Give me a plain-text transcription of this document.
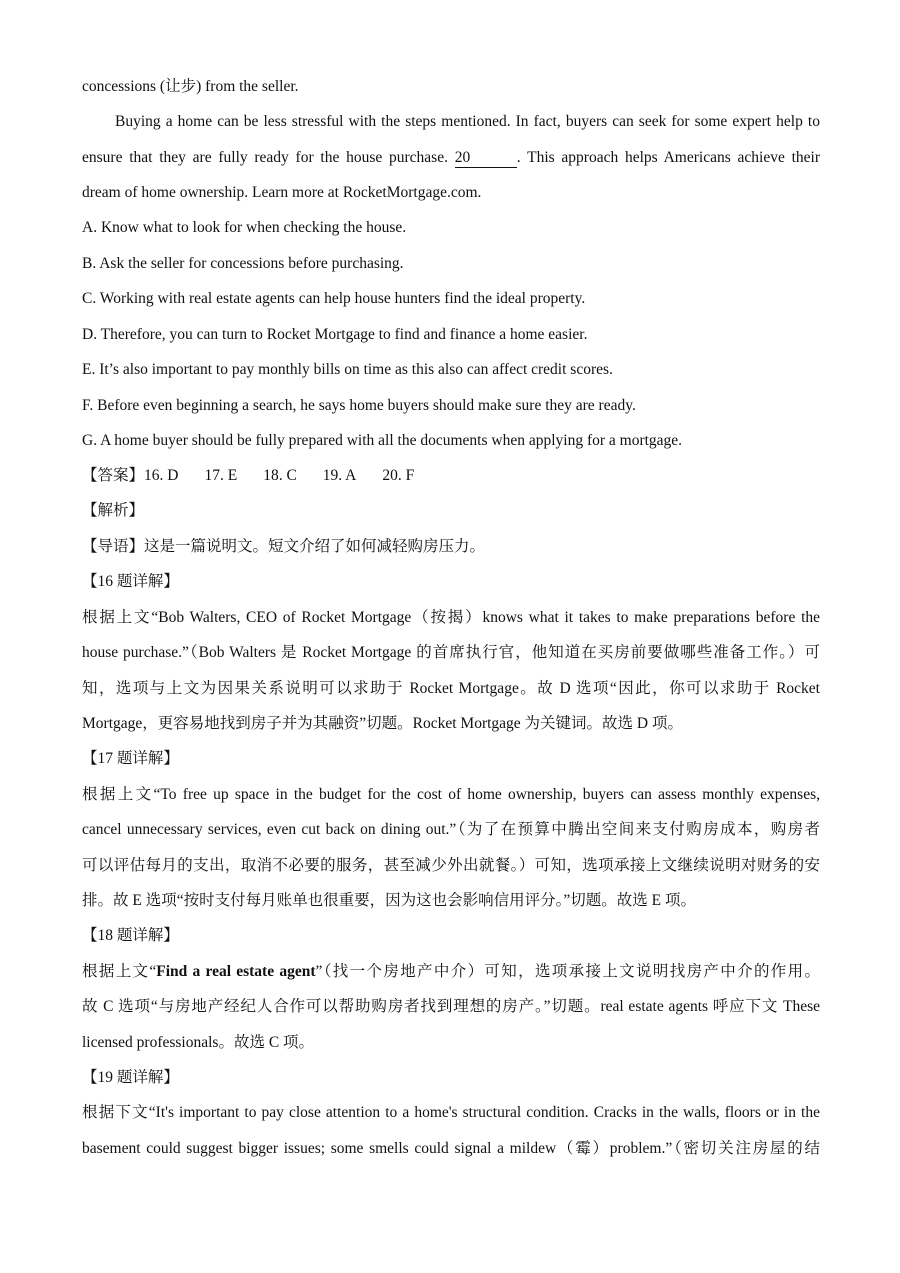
concessions (让步) from the seller.
Buying a home can be less stressful with the steps mentioned. In fact, buyers can seek for some expert help to
ensure that they are fully ready for the house purchase. 20	. This approach helps Americans achieve their
dream of home ownership. Learn more at RocketMortgage.com.
A. Know what to look for when checking the house.
B. Ask the seller for concessions before purchasing.
C. Working with real estate agents can help house hunters find the ideal property.
D. Therefore, you can turn to Rocket Mortgage to find and finance a home easier.
E. It’s also important to pay monthly bills on time as this also can affect credit scores.
F. Before even beginning a search, he says home buyers should make sure they are ready.
G. A home buyer should be fully prepared with all the documents when applying for a mortgage.
【答案】16. D 17. E 18. C 19. A 20. F
【解析】
【导语】这是一篇说明文。短文介绍了如何减轻购房压力。
【16 题详解】
根据上文“Bob Walters, CEO of Rocket Mortgage（按揭）knows what it takes to make preparations before the
house purchase.”（Bob Walters 是 Rocket Mortgage 的首席执行官，他知道在买房前要做哪些准备工作。）可
知，选项与上文为因果关系说明可以求助于 Rocket Mortgage。故 D 选项“因此，你可以求助于 Rocket
Mortgage，更容易地找到房子并为其融资”切题。Rocket Mortgage 为关键词。故选 D 项。
【17 题详解】
根据上文“To free up space in the budget for the cost of home ownership, buyers can assess monthly expenses,
cancel unnecessary services, even cut back on dining out.”（为了在预算中腾出空间来支付购房成本，购房者
可以评估每月的支出，取消不必要的服务，甚至减少外出就餐。）可知，选项承接上文继续说明对财务的安
排。故 E 选项“按时支付每月账单也很重要，因为这也会影响信用评分。”切题。故选 E 项。
【18 题详解】
根据上文“Find a real estate agent”（找一个房地产中介）可知，选项承接上文说明找房产中介的作用。
故 C 选项“与房地产经纪人合作可以帮助购房者找到理想的房产。”切题。real estate agents 呼应下文 These
licensed professionals。故选 C 项。
【19 题详解】
根据下文“It's important to pay close attention to a home's structural condition. Cracks in the walls, floors or in the
basement could suggest bigger issues; some smells could signal a mildew（霉）problem.”（密切关注房屋的结
